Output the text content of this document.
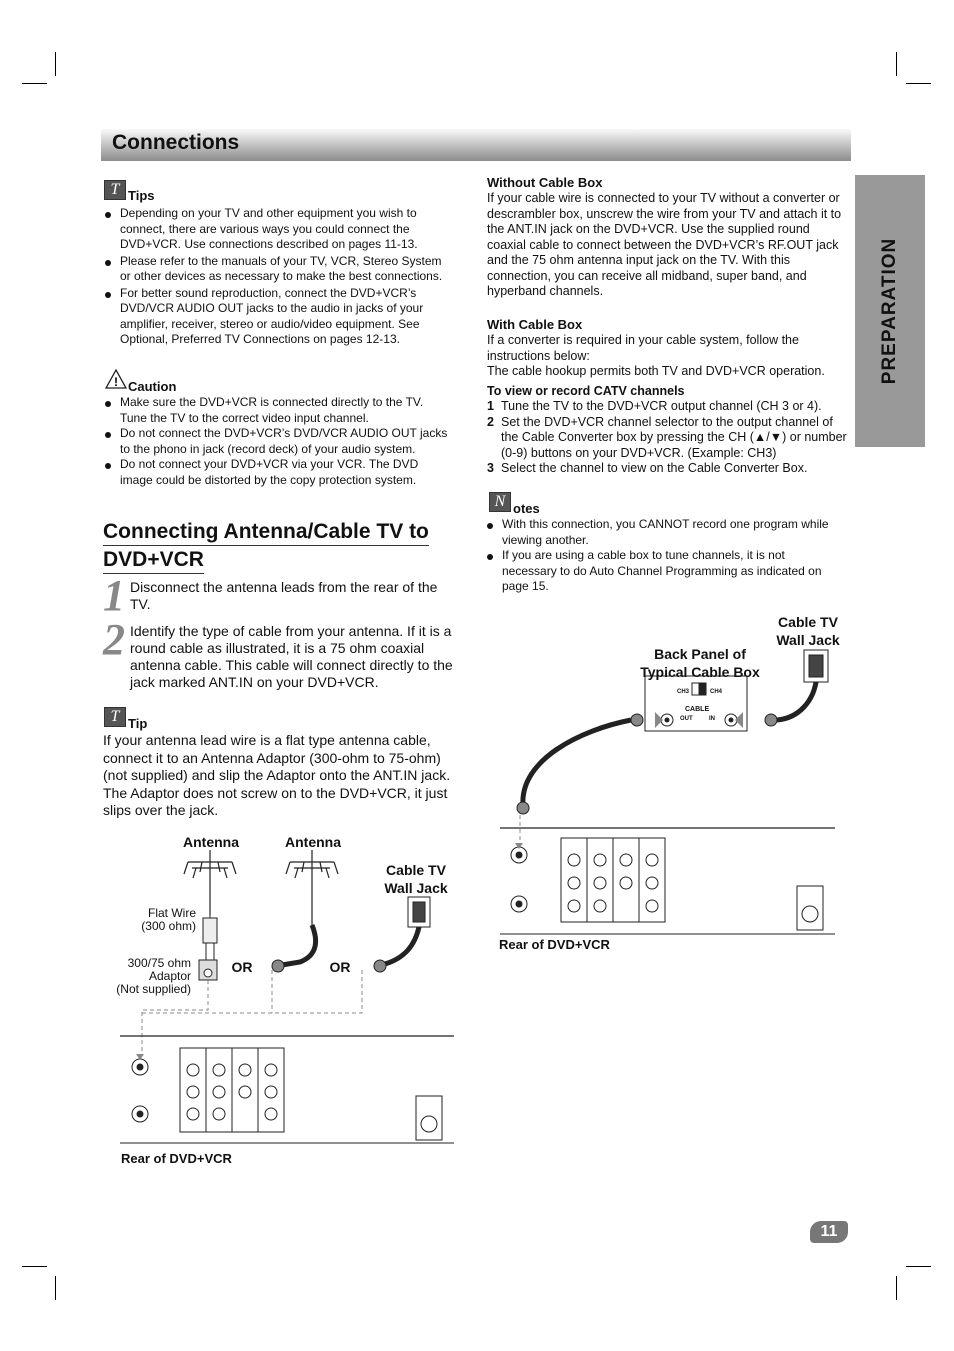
Connections
PREPARATION
T Tips
Depending on your TV and other equipment you wish to connect, there are various ways you could connect the DVD+VCR. Use connections described on pages 11-13.
Please refer to the manuals of your TV, VCR, Stereo System or other devices as necessary to make the best connections.
For better sound reproduction, connect the DVD+VCR’s DVD/VCR AUDIO OUT jacks to the audio in jacks of your amplifier, receiver, stereo or audio/video equipment. See Optional, Preferred TV Connections on pages 12-13.
! Caution
Make sure the DVD+VCR is connected directly to the TV. Tune the TV to the correct video input channel.
Do not connect the DVD+VCR’s DVD/VCR AUDIO OUT jacks to the phono in jack (record deck) of your audio system.
Do not connect your DVD+VCR via your VCR. The DVD image could be distorted by the copy protection system.
Connecting Antenna/Cable TV to
DVD+VCR
1 Disconnect the antenna leads from the rear of the TV.
2 Identify the type of cable from your antenna. If it is a round cable as illustrated, it is a 75 ohm coaxial antenna cable. This cable will connect directly to the jack marked ANT.IN on your DVD+VCR.
T Tip
If your antenna lead wire is a flat type antenna cable, connect it to an Antenna Adaptor (300-ohm to 75-ohm) (not supplied) and slip the Adaptor onto the ANT.IN jack. The Adaptor does not screw on to the DVD+VCR, it just slips over the jack.
Antenna	Antenna
Cable TV
Wall Jack
Flat Wire
(300 ohm)
300/75 ohm
Adaptor
(Not supplied)
OR	OR
Rear of DVD+VCR
Without Cable Box
If your cable wire is connected to your TV without a converter or descrambler box, unscrew the wire from your TV and attach it to the ANT.IN jack on the DVD+VCR. Use the supplied round coaxial cable to connect between the DVD+VCR’s RF.OUT jack and the 75 ohm antenna input jack on the TV. With this connection, you can receive all midband, super band, and hyperband channels.
With Cable Box
If a converter is required in your cable system, follow the instructions below:
The cable hookup permits both TV and DVD+VCR operation.
To view or record CATV channels
1 Tune the TV to the DVD+VCR output channel (CH 3 or 4).
2 Set the DVD+VCR channel selector to the output channel of the Cable Converter box by pressing the CH (▲/▼) or number (0-9) buttons on your DVD+VCR. (Example: CH3)
3 Select the channel to view on the Cable Converter Box.
N otes
With this connection, you CANNOT record one program while viewing another.
If you are using a cable box to tune channels, it is not necessary to do Auto Channel Programming as indicated on page 15.
Cable TV
Wall Jack
Back Panel of
Typical Cable Box
CH3	CH4
CABLE
OUT	IN
Rear of DVD+VCR
11
